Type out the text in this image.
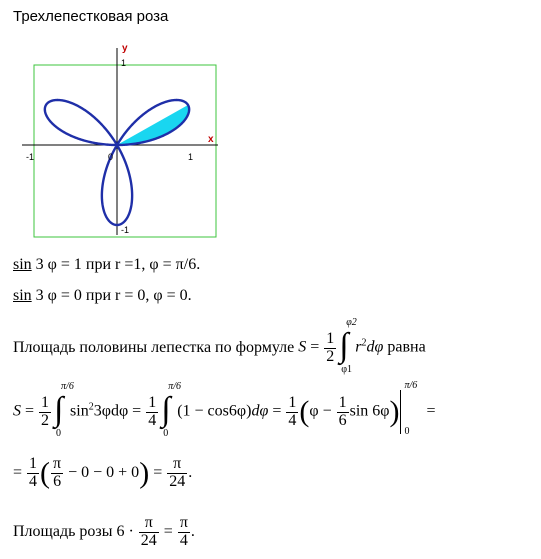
Трехлепестковая роза
y
x
1
-1
-1	0	1
sin 3 φ = 1 при r =1, φ = π/6.
sin 3 φ = 0 при r = 0, φ = 0.
Площадь половины лепестка по формуле $S = \frac{1}{2}$ ∫
φ2
φ1
$r^2d\varphi$ равна
$S = \frac{1}{2}$ ∫
π/6
0
$\sin^23\varphi d\varphi = \frac{1}{4}$ ∫
π/6
0
$(1 - \cos 6\varphi)d\varphi = \frac{1}{4} (\varphi - \frac{1}{6}$ sin 6φ)
π/6
0
=
= $\frac{1}{4}$ ( $\frac{\pi}{6} - 0 - 0 + 0) = \frac{\pi}{24}$ .
Площадь розы $6 \cdot \frac{\pi}{24} = \frac{\pi}{4}$ .
